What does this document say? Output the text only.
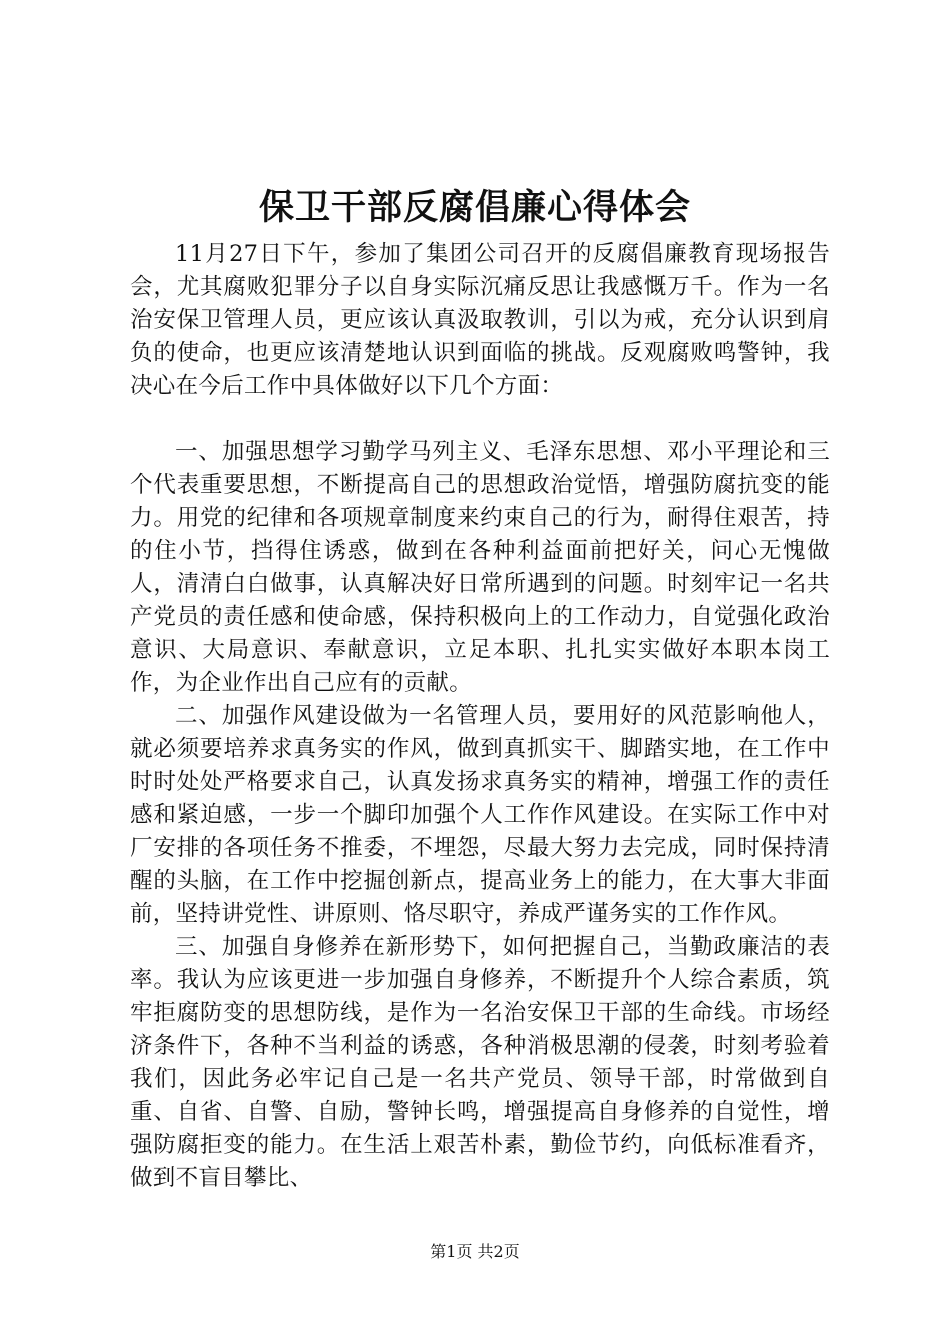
保卫干部反腐倡廉心得体会

11月27日下午，参加了集团公司召开的反腐倡廉教育现场报告会，尤其腐败犯罪分子以自身实际沉痛反思让我感慨万千。作为一名治安保卫管理人员，更应该认真汲取教训，引以为戒，充分认识到肩负的使命，也更应该清楚地认识到面临的挑战。反观腐败鸣警钟，我决心在今后工作中具体做好以下几个方面：

一、加强思想学习勤学马列主义、毛泽东思想、邓小平理论和三个代表重要思想，不断提高自己的思想政治觉悟，增强防腐抗变的能力。用党的纪律和各项规章制度来约束自己的行为，耐得住艰苦，持的住小节，挡得住诱惑，做到在各种利益面前把好关，问心无愧做人，清清白白做事，认真解决好日常所遇到的问题。时刻牢记一名共产党员的责任感和使命感，保持积极向上的工作动力，自觉强化政治意识、大局意识、奉献意识，立足本职、扎扎实实做好本职本岗工作，为企业作出自己应有的贡献。

二、加强作风建设做为一名管理人员，要用好的风范影响他人，就必须要培养求真务实的作风，做到真抓实干、脚踏实地，在工作中时时处处严格要求自己，认真发扬求真务实的精神，增强工作的责任感和紧迫感，一步一个脚印加强个人工作作风建设。在实际工作中对厂安排的各项任务不推委，不埋怨，尽最大努力去完成，同时保持清醒的头脑，在工作中挖掘创新点，提高业务上的能力，在大事大非面前，坚持讲党性、讲原则、恪尽职守，养成严谨务实的工作作风。

三、加强自身修养在新形势下，如何把握自己，当勤政廉洁的表率。我认为应该更进一步加强自身修养，不断提升个人综合素质，筑牢拒腐防变的思想防线，是作为一名治安保卫干部的生命线。市场经济条件下，各种不当利益的诱惑，各种消极思潮的侵袭，时刻考验着我们，因此务必牢记自己是一名共产党员、领导干部，时常做到自重、自省、自警、自励，警钟长鸣，增强提高自身修养的自觉性，增强防腐拒变的能力。在生活上艰苦朴素，勤俭节约，向低标准看齐，做到不盲目攀比、

第1页 共2页
